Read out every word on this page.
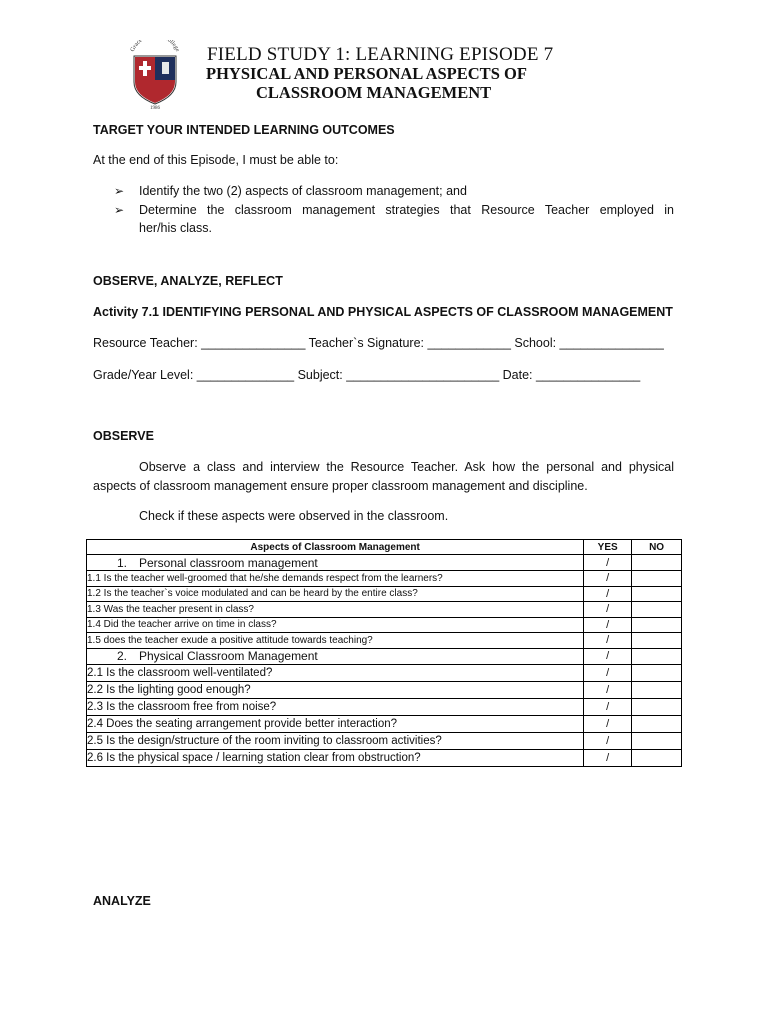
Grace ollege
1986
FIELD STUDY 1: LEARNING EPISODE 7
PHYSICAL AND PERSONAL ASPECTS OF
CLASSROOM MANAGEMENT
TARGET YOUR INTENDED LEARNING OUTCOMES
At the end of this Episode, I must be able to:
➢ Identify the two (2) aspects of classroom management; and
➢ Determine the classroom management strategies that Resource Teacher employed in
her/his class.
OBSERVE, ANALYZE, REFLECT
Activity 7.1 IDENTIFYING PERSONAL AND PHYSICAL ASPECTS OF CLASSROOM MANAGEMENT
Resource Teacher: _______________ Teacher`s Signature: ____________ School: _______________
Grade/Year Level: ______________ Subject: ______________________ Date: _______________
OBSERVE
Observe a class and interview the Resource Teacher. Ask how the personal and physical
aspects of classroom management ensure proper classroom management and discipline.
Check if these aspects were observed in the classroom.
Aspects of Classroom Management	YES	NO
1. Personal classroom management	/	
1.1 Is the teacher well-groomed that he/she demands respect from the learners?	/	
1.2 Is the teacher`s voice modulated and can be heard by the entire class?	/	
1.3 Was the teacher present in class?	/	
1.4 Did the teacher arrive on time in class?	/	
1.5 does the teacher exude a positive attitude towards teaching?	/	
2. Physical Classroom Management	/	
2.1 Is the classroom well-ventilated?	/	
2.2 Is the lighting good enough?	/	
2.3 Is the classroom free from noise?	/	
2.4 Does the seating arrangement provide better interaction?	/	
2.5 Is the design/structure of the room inviting to classroom activities?	/	
2.6 Is the physical space / learning station clear from obstruction?	/	
ANALYZE
